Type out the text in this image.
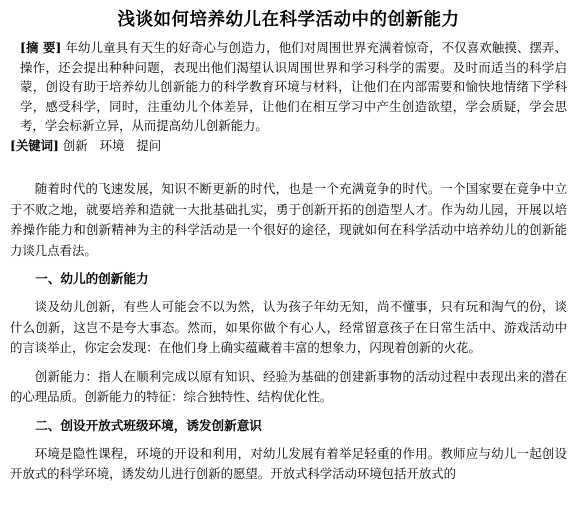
浅谈如何培养幼儿在科学活动中的创新能力

[摘 要] 年幼儿童具有天生的好奇心与创造力，他们对周围世界充满着惊奇，不仅喜欢触摸、摆弄、操作，还会提出种种问题，表现出他们渴望认识周围世界和学习科学的需要。及时而适当的科学启蒙，创设有助于培养幼儿创新能力的科学教育环境与材料，让他们在内部需要和愉快地情绪下学科学，感受科学，同时，注重幼儿个体差异，让他们在相互学习中产生创造欲望，学会质疑，学会思考，学会标新立异，从而提高幼儿创新能力。

[关键词] 创新 环境 提问

随着时代的飞速发展，知识不断更新的时代，也是一个充满竟争的时代。一个国家要在竟争中立于不败之地，就要培养和造就一大批基础扎实，勇于创新开拓的创造型人才。作为幼儿园，开展以培养操作能力和创新精神为主的科学活动是一个很好的途径，现就如何在科学活动中培养幼儿的创新能力谈几点看法。

一、幼儿的创新能力

谈及幼儿创新，有些人可能会不以为然，认为孩子年幼无知，尚不懂事，只有玩和淘气的份，谈什么创新，这岂不是夸大事态。然而，如果你做个有心人，经常留意孩子在日常生活中、游戏活动中的言谈举止，你定会发现：在他们身上确实蕴藏着丰富的想象力，闪现着创新的火花。

创新能力：指人在顺利完成以原有知识、经验为基础的创建新事物的活动过程中表现出来的潜在的心理品质。创新能力的特征：综合独特性、结构优化性。

二、创设开放式班级环境，诱发创新意识

环境是隐性课程，环境的开设和利用，对幼儿发展有着举足轻重的作用。教师应与幼儿一起创设开放式的科学环境，诱发幼儿进行创新的愿望。开放式科学活动环境包括开放式的
